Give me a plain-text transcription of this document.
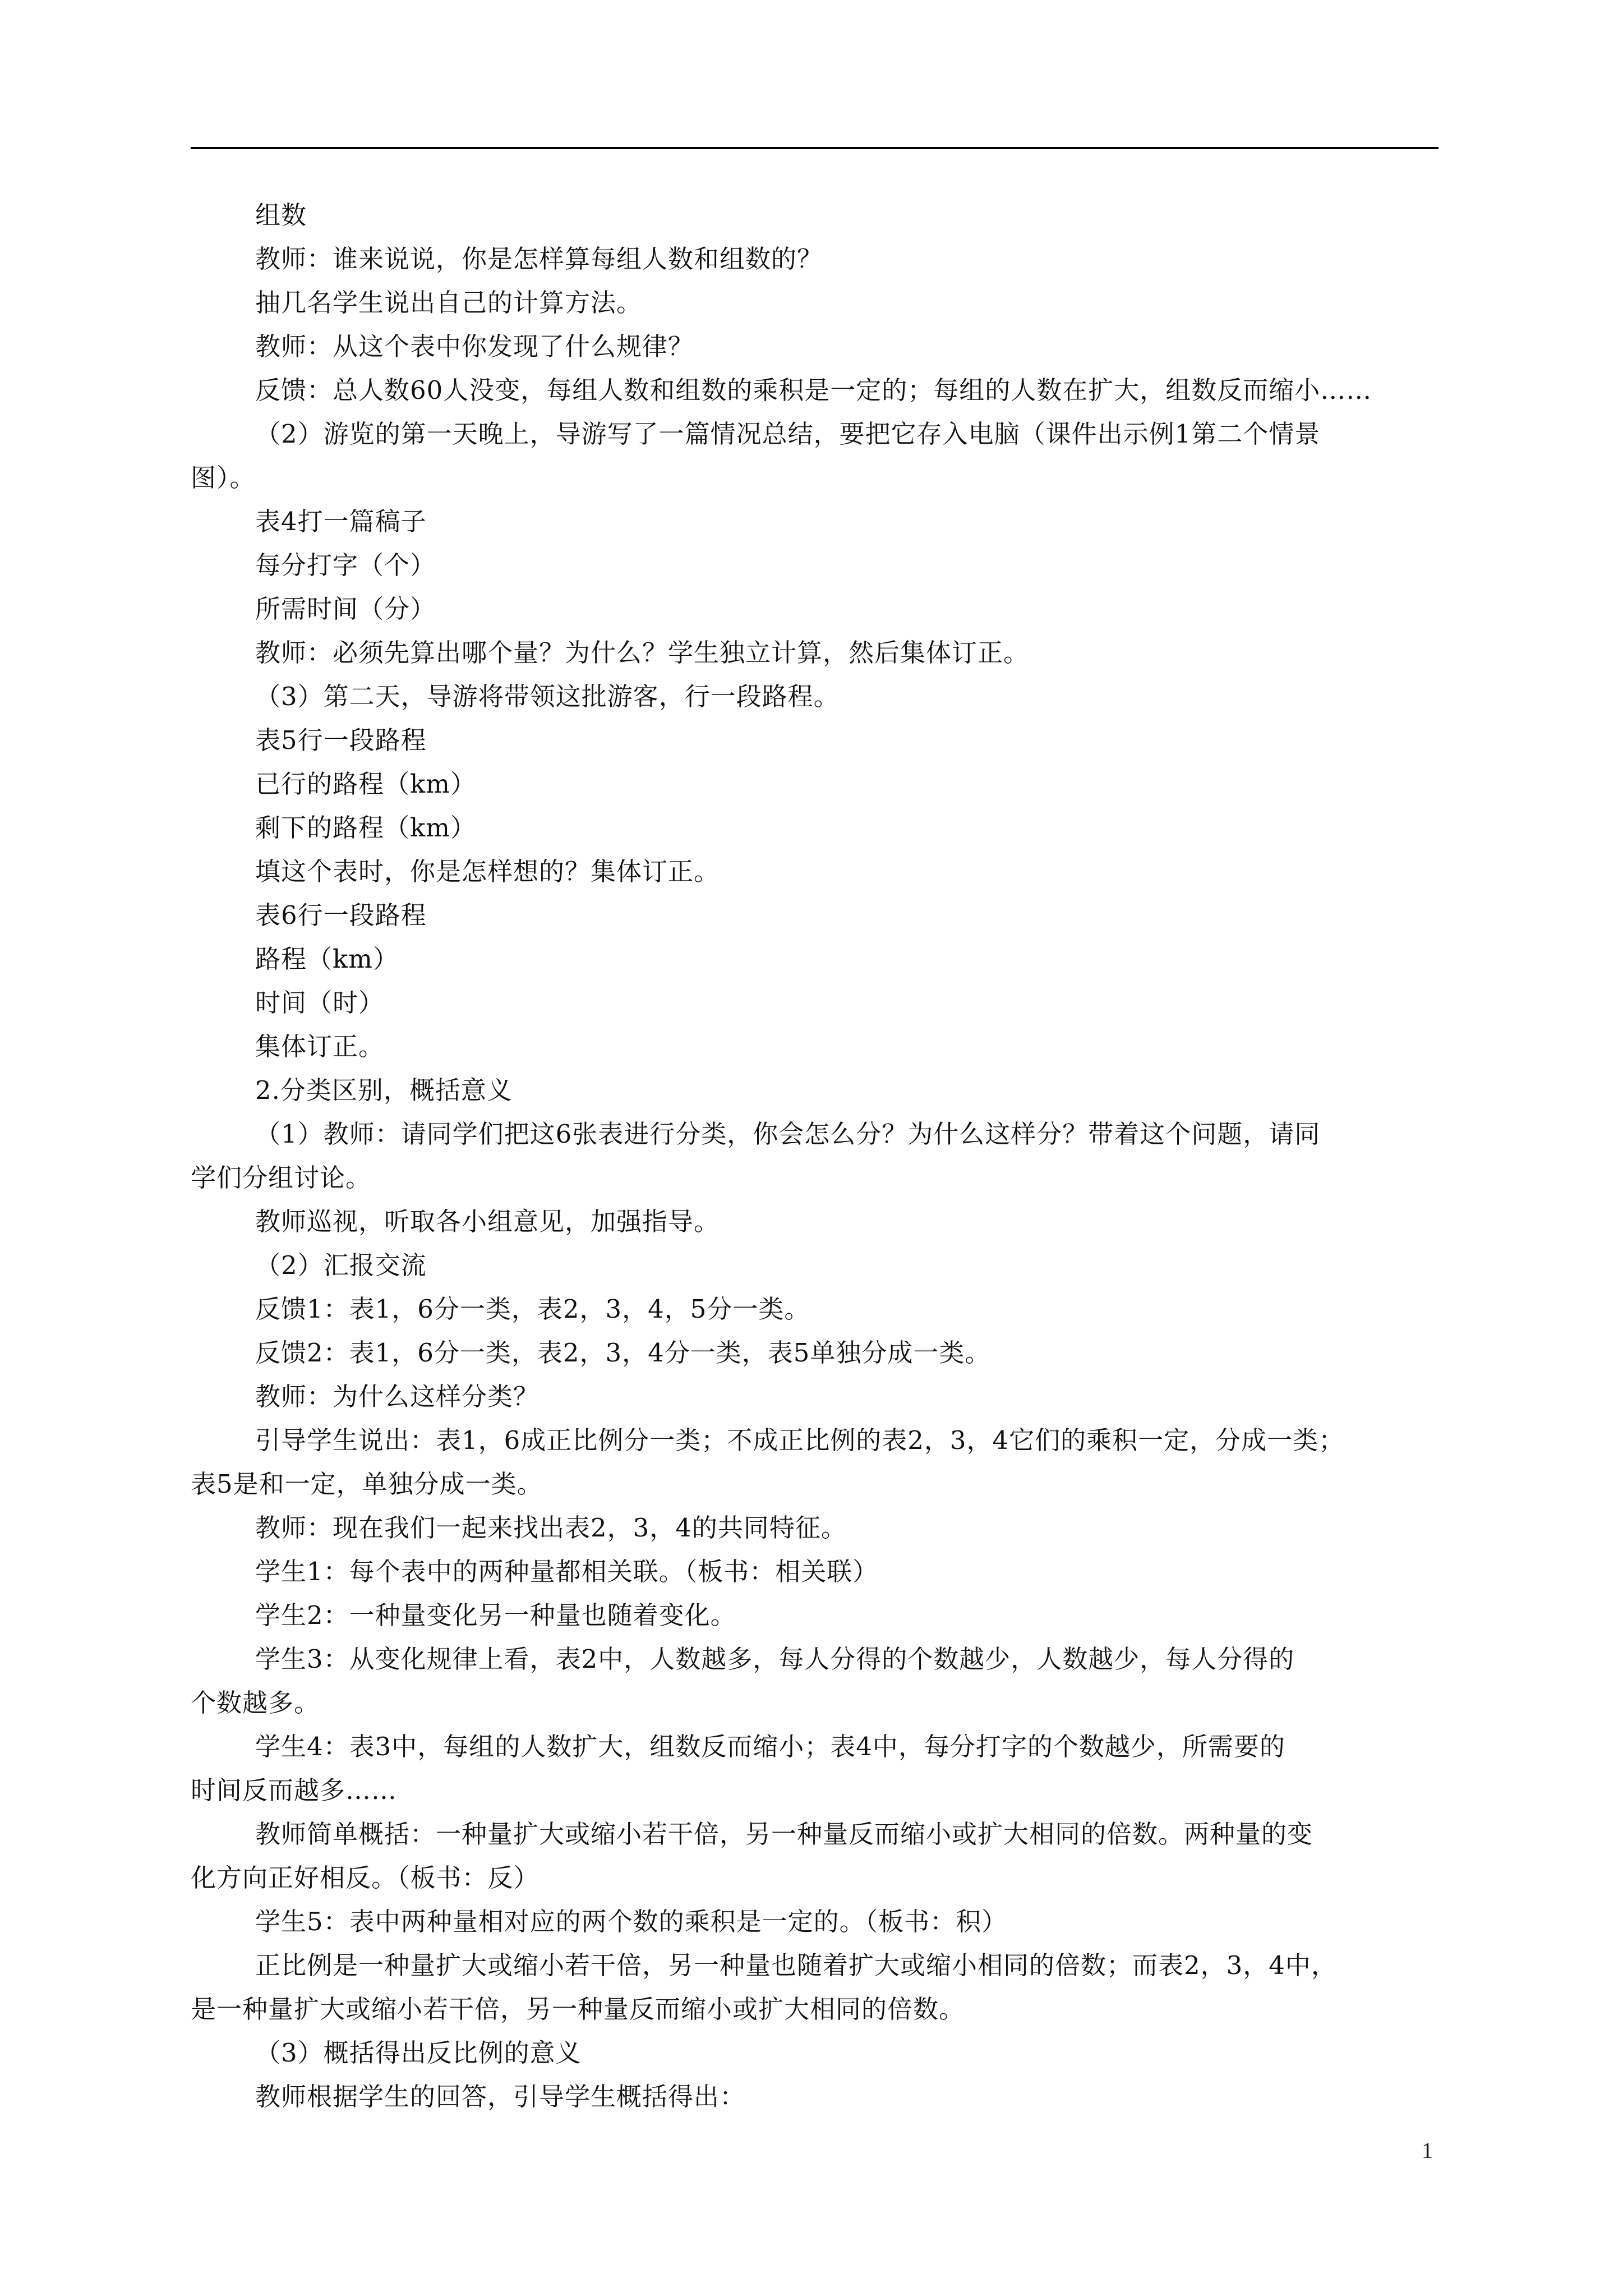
组数
教师：谁来说说，你是怎样算每组人数和组数的？
抽几名学生说出自己的计算方法。
教师：从这个表中你发现了什么规律？
反馈：总人数60人没变，每组人数和组数的乘积是一定的；每组的人数在扩大，组数反而缩小……
（2）游览的第一天晚上，导游写了一篇情况总结，要把它存入电脑（课件出示例1第二个情景
图）。
表4打一篇稿子
每分打字（个）
所需时间（分）
教师：必须先算出哪个量？为什么？学生独立计算，然后集体订正。
（3）第二天，导游将带领这批游客，行一段路程。
表5行一段路程
已行的路程（km）
剩下的路程（km）
填这个表时，你是怎样想的？集体订正。
表6行一段路程
路程（km）
时间（时）
集体订正。
2.分类区别，概括意义
（1）教师：请同学们把这6张表进行分类，你会怎么分？为什么这样分？带着这个问题，请同
学们分组讨论。
教师巡视，听取各小组意见，加强指导。
（2）汇报交流
反馈1：表1，6分一类，表2，3，4，5分一类。
反馈2：表1，6分一类，表2，3，4分一类，表5单独分成一类。
教师：为什么这样分类？
引导学生说出：表1，6成正比例分一类；不成正比例的表2，3，4它们的乘积一定，分成一类；
表5是和一定，单独分成一类。
教师：现在我们一起来找出表2，3，4的共同特征。
学生1：每个表中的两种量都相关联。（板书：相关联）
学生2：一种量变化另一种量也随着变化。
学生3：从变化规律上看，表2中，人数越多，每人分得的个数越少，人数越少，每人分得的
个数越多。
学生4：表3中，每组的人数扩大，组数反而缩小；表4中，每分打字的个数越少，所需要的
时间反而越多……
教师简单概括：一种量扩大或缩小若干倍，另一种量反而缩小或扩大相同的倍数。两种量的变
化方向正好相反。（板书：反）
学生5：表中两种量相对应的两个数的乘积是一定的。（板书：积）
正比例是一种量扩大或缩小若干倍，另一种量也随着扩大或缩小相同的倍数；而表2，3，4中，
是一种量扩大或缩小若干倍，另一种量反而缩小或扩大相同的倍数。
（3）概括得出反比例的意义
教师根据学生的回答，引导学生概括得出：
1
